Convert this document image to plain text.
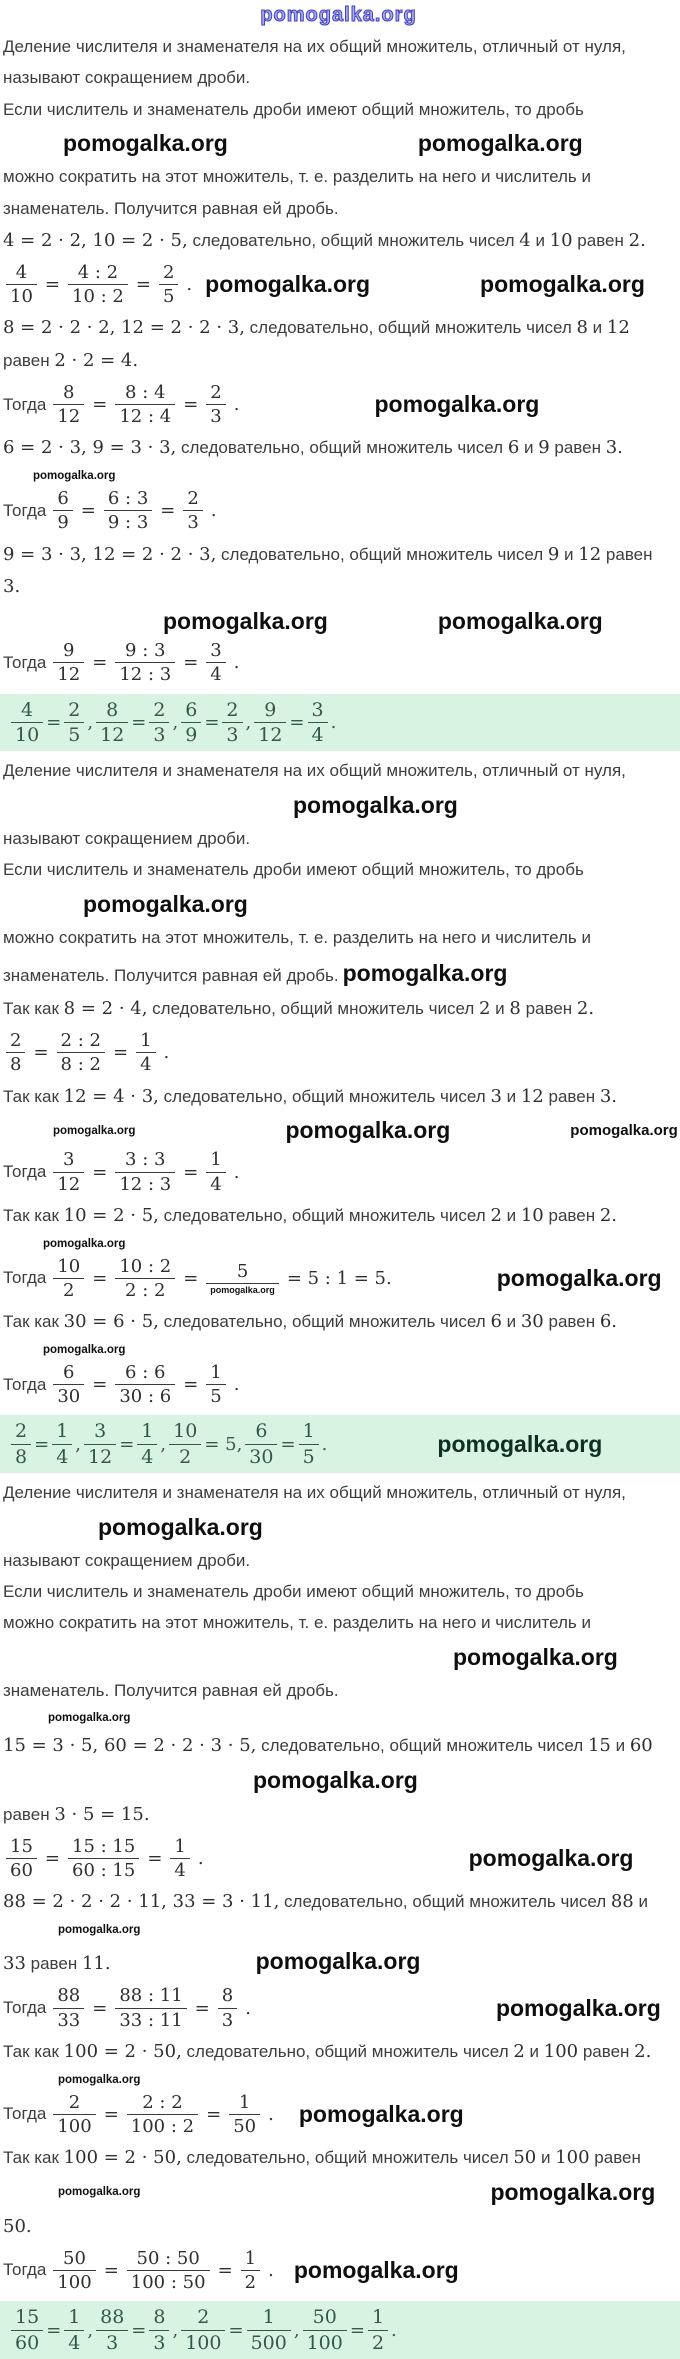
pomogalka.org
Деление числителя и знаменателя на их общий множитель, отличный от нуля,
называют сокращением дроби.
Если числитель и знаменатель дроби имеют общий множитель, то дробь
pomogalka.org	pomogalka.org
можно сократить на этот множитель, т. е. разделить на него и числитель и
знаменатель. Получится равная ей дробь.
4 = 2 · 2, 10 = 2 · 5, следовательно, общий множитель чисел 4 и 10 равен 2.
$\frac{4}{10} = \frac{4 : 2}{10 : 2} = \frac{2}{5}$ . pomogalka.org	pomogalka.org
8 = 2 · 2 · 2, 12 = 2 · 2 · 3, следовательно, общий множитель чисел 8 и 12
равен 2 · 2 = 4.
Тогда $\frac{8}{12} = \frac{8 : 4}{12 : 4} = \frac{2}{3}$ .	pomogalka.org
6 = 2 · 3, 9 = 3 · 3, следовательно, общий множитель чисел 6 и 9 равен 3.
pomogalka.org
Тогда $\frac{6}{9} = \frac{6 : 3}{9 : 3} = \frac{2}{3}$ .
9 = 3 · 3, 12 = 2 · 2 · 3, следовательно, общий множитель чисел 9 и 12 равен
3.
pomogalka.org	pomogalka.org
Тогда $\frac{9}{12} = \frac{9 : 3}{12 : 3} = \frac{3}{4}$ .
$\frac{4}{10} = \frac{2}{5}$ , $\frac{8}{12} = \frac{2}{3}$ , $\frac{6}{9} = \frac{2}{3}$ , $\frac{9}{12} = \frac{3}{4}$ .
Деление числителя и знаменателя на их общий множитель, отличный от нуля,
pomogalka.org
называют сокращением дроби.
Если числитель и знаменатель дроби имеют общий множитель, то дробь
pomogalka.org
можно сократить на этот множитель, т. е. разделить на него и числитель и
знаменатель. Получится равная ей дробь. pomogalka.org
Так как 8 = 2 · 4, следовательно, общий множитель чисел 2 и 8 равен 2.
$\frac{2}{8} = \frac{2 : 2}{8 : 2} = \frac{1}{4}$ .
Так как 12 = 4 · 3, следовательно, общий множитель чисел 3 и 12 равен 3.
pomogalka.org	pomogalka.org	pomogalka.org
Тогда $\frac{3}{12} = \frac{3 : 3}{12 : 3} = \frac{1}{4}$ .
Так как 10 = 2 · 5, следовательно, общий множитель чисел 2 и 10 равен 2.
pomogalka.org
Тогда $\frac{10}{2} = \frac{10 : 2}{2 : 2} = \frac{5}{\text{pomogalka.org}} = 5$ : 1 = 5.	pomogalka.org
Так как 30 = 6 · 5, следовательно, общий множитель чисел 6 и 30 равен 6.
pomogalka.org
Тогда $\frac{6}{30} = \frac{6 : 6}{30 : 6} = \frac{1}{5}$ .
$\frac{2}{8} = \frac{1}{4}$ , $\frac{3}{12} = \frac{1}{4}$ , $\frac{10}{2} = 5$, $\frac{6}{30} = \frac{1}{5}$ .	pomogalka.org
Деление числителя и знаменателя на их общий множитель, отличный от нуля,
pomogalka.org
называют сокращением дроби.
Если числитель и знаменатель дроби имеют общий множитель, то дробь
можно сократить на этот множитель, т. е. разделить на него и числитель и
pomogalka.org
знаменатель. Получится равная ей дробь.
pomogalka.org
15 = 3 · 5, 60 = 2 · 2 · 3 · 5, следовательно, общий множитель чисел 15 и 60
pomogalka.org
равен 3 · 5 = 15.
$\frac{15}{60} = \frac{15 : 15}{60 : 15} = \frac{1}{4}$ .	pomogalka.org
88 = 2 · 2 · 2 · 11, 33 = 3 · 11, следовательно, общий множитель чисел 88 и
pomogalka.org
33 равен 11.	pomogalka.org
Тогда $\frac{88}{33} = \frac{88 : 11}{33 : 11} = \frac{8}{3}$ .	pomogalka.org
Так как 100 = 2 · 50, следовательно, общий множитель чисел 2 и 100 равен 2.
pomogalka.org
Тогда $\frac{2}{100} = \frac{2 : 2}{100 : 2} = \frac{1}{50}$ . pomogalka.org
Так как 100 = 2 · 50, следовательно, общий множитель чисел 50 и 100 равен
pomogalka.org	pomogalka.org
50.
Тогда $\frac{50}{100} = \frac{50 : 50}{100 : 50} = \frac{1}{2}$ . pomogalka.org
$\frac{15}{60} = \frac{1}{4}$ , $\frac{88}{3} = \frac{8}{3}$ , $\frac{2}{100} = \frac{1}{500}$ , $\frac{50}{100} = \frac{1}{2}$ .
